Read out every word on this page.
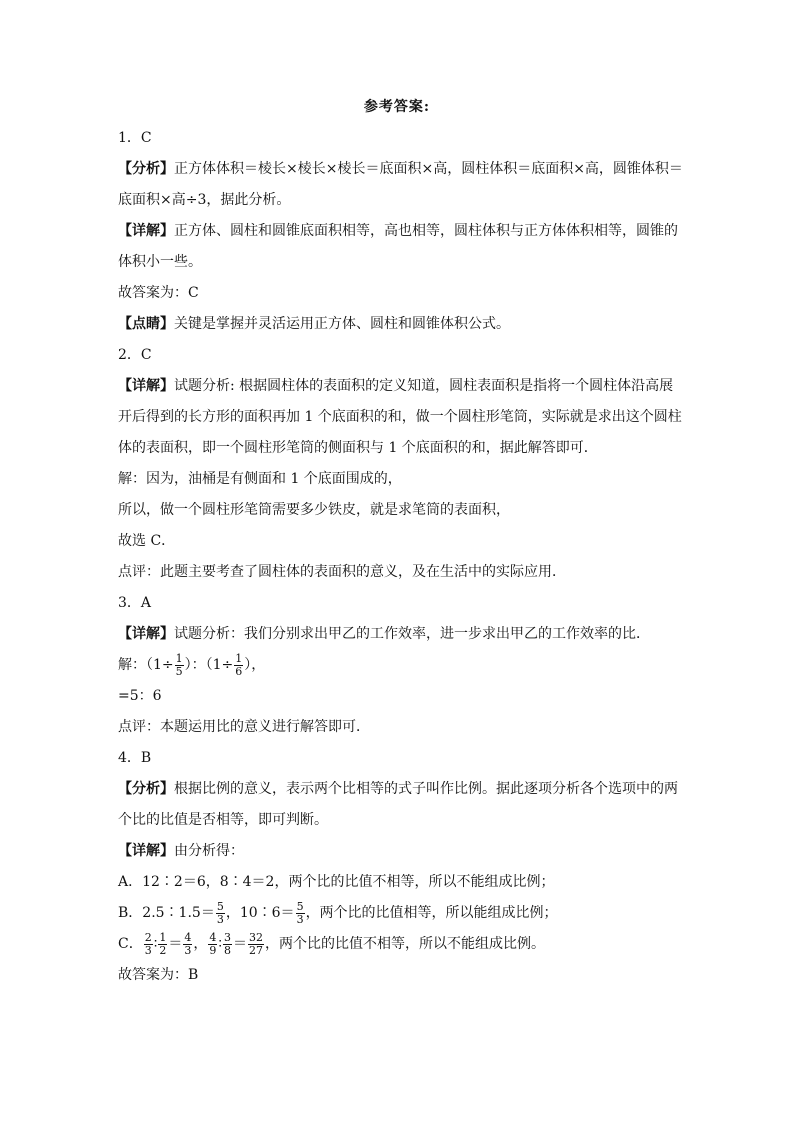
参考答案:
1．C
【分析】正方体体积＝棱长×棱长×棱长＝底面积×高，圆柱体积＝底面积×高，圆锥体积＝
底面积×高÷3，据此分析。
【详解】正方体、圆柱和圆锥底面积相等，高也相等，圆柱体积与正方体体积相等，圆锥的
体积小一些。
故答案为：C
【点睛】关键是掌握并灵活运用正方体、圆柱和圆锥体积公式。
2．C
【详解】试题分析: 根据圆柱体的表面积的定义知道，圆柱表面积是指将一个圆柱体沿高展
开后得到的长方形的面积再加 1 个底面积的和，做一个圆柱形笔筒，实际就是求出这个圆柱
体的表面积，即一个圆柱形笔筒的侧面积与 1 个底面积的和，据此解答即可．
解：因为，油桶是有侧面和 1 个底面围成的，
所以，做一个圆柱形笔筒需要多少铁皮，就是求笔筒的表面积，
故选 C．
点评：此题主要考查了圆柱体的表面积的意义，及在生活中的实际应用．
3．A
【详解】试题分析：我们分别求出甲乙的工作效率，进一步求出甲乙的工作效率的比．
解：（$1\div \frac{1}{5}$ ）：（$1\div \frac{1}{6}$ ），
=5：6
点评：本题运用比的意义进行解答即可．
4．B
【分析】根据比例的意义，表示两个比相等的式子叫作比例。据此逐项分析各个选项中的两
个比的比值是否相等，即可判断。
【详解】由分析得：
A．12∶2＝6，8∶4＝2，两个比的比值不相等，所以不能组成比例；
B．2.5∶1.5＝ $\frac{5}{3}$ ，10∶6＝ $\frac{5}{3}$ ，两个比的比值相等，所以能组成比例；
C． $\frac{2}{3}$ ∶ $\frac{1}{2} = \frac{4}{3}$ ， $\frac{4}{9}$ ∶ $\frac{3}{8} = \frac{32}{27}$ ，两个比的比值不相等，所以不能组成比例。
故答案为：B
